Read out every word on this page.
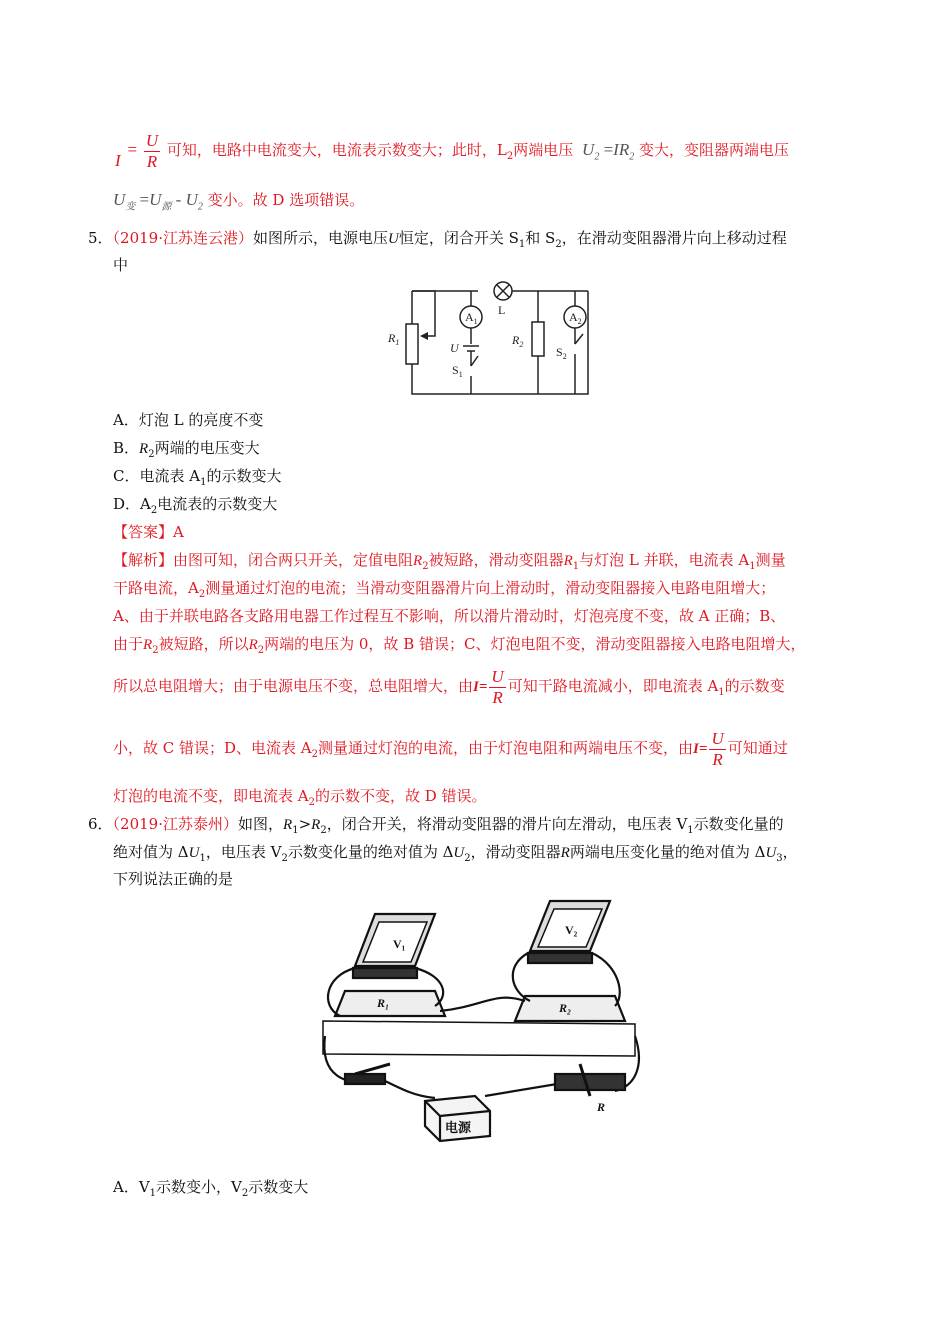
$I = \frac{U}{R}$ 可知，电路中电流变大，电流表示数变大；此时，$L_2$两端电压 $U_2 =IR_2$ 变大，变阻器两端电压
$U_变 =U_源 - U_2$ 变小。故 D 选项错误。
5．（2019·江苏连云港）如图所示，电源电压U恒定，闭合开关 $S_1$和 $S_2$，在滑动变阻器滑片向上移动过程
中
$R_1$
$A_1$
U
$S_1$
L
$R_2$
$A_2$
$S_2$
A．灯泡 L 的亮度不变
B．$R_2$两端的电压变大
C．电流表 $A_1$的示数变大
D．$A_2$电流表的示数变大
【答案】A
【解析】由图可知，闭合两只开关，定值电阻$R_2$被短路，滑动变阻器$R_1$与灯泡 L 并联，电流表 $A_1$测量
干路电流，$A_2$测量通过灯泡的电流；当滑动变阻器滑片向上滑动时，滑动变阻器接入电路电阻增大；
A、由于并联电路各支路用电器工作过程互不影响，所以滑片滑动时，灯泡亮度不变，故 A 正确；B、
由于$R_2$被短路，所以$R_2$两端的电压为 0，故 B 错误；C、灯泡电阻不变，滑动变阻器接入电路电阻增大，
所以总电阻增大；由于电源电压不变，总电阻增大，由$I= \frac{U}{R}$ 可知干路电流减小，即电流表 $A_1$的示数变
小，故 C 错误；D、电流表 $A_2$测量通过灯泡的电流，由于灯泡电阻和两端电压不变，由$I= \frac{U}{R}$ 可知通过
灯泡的电流不变，即电流表 $A_2$的示数不变，故 D 错误。
6．（2019·江苏泰州）如图，$R_1>R_2$，闭合开关，将滑动变阻器的滑片向左滑动，电压表 $V_1$示数变化量的
绝对值为 $\Delta U_1$，电压表 $V_2$示数变化量的绝对值为 $\Delta U_2$，滑动变阻器R两端电压变化量的绝对值为 $\Delta U_3$，
下列说法正确的是
V₁
V₂
R₁	R₂
电源
R
A．$V_1$示数变小，$V_2$示数变大
